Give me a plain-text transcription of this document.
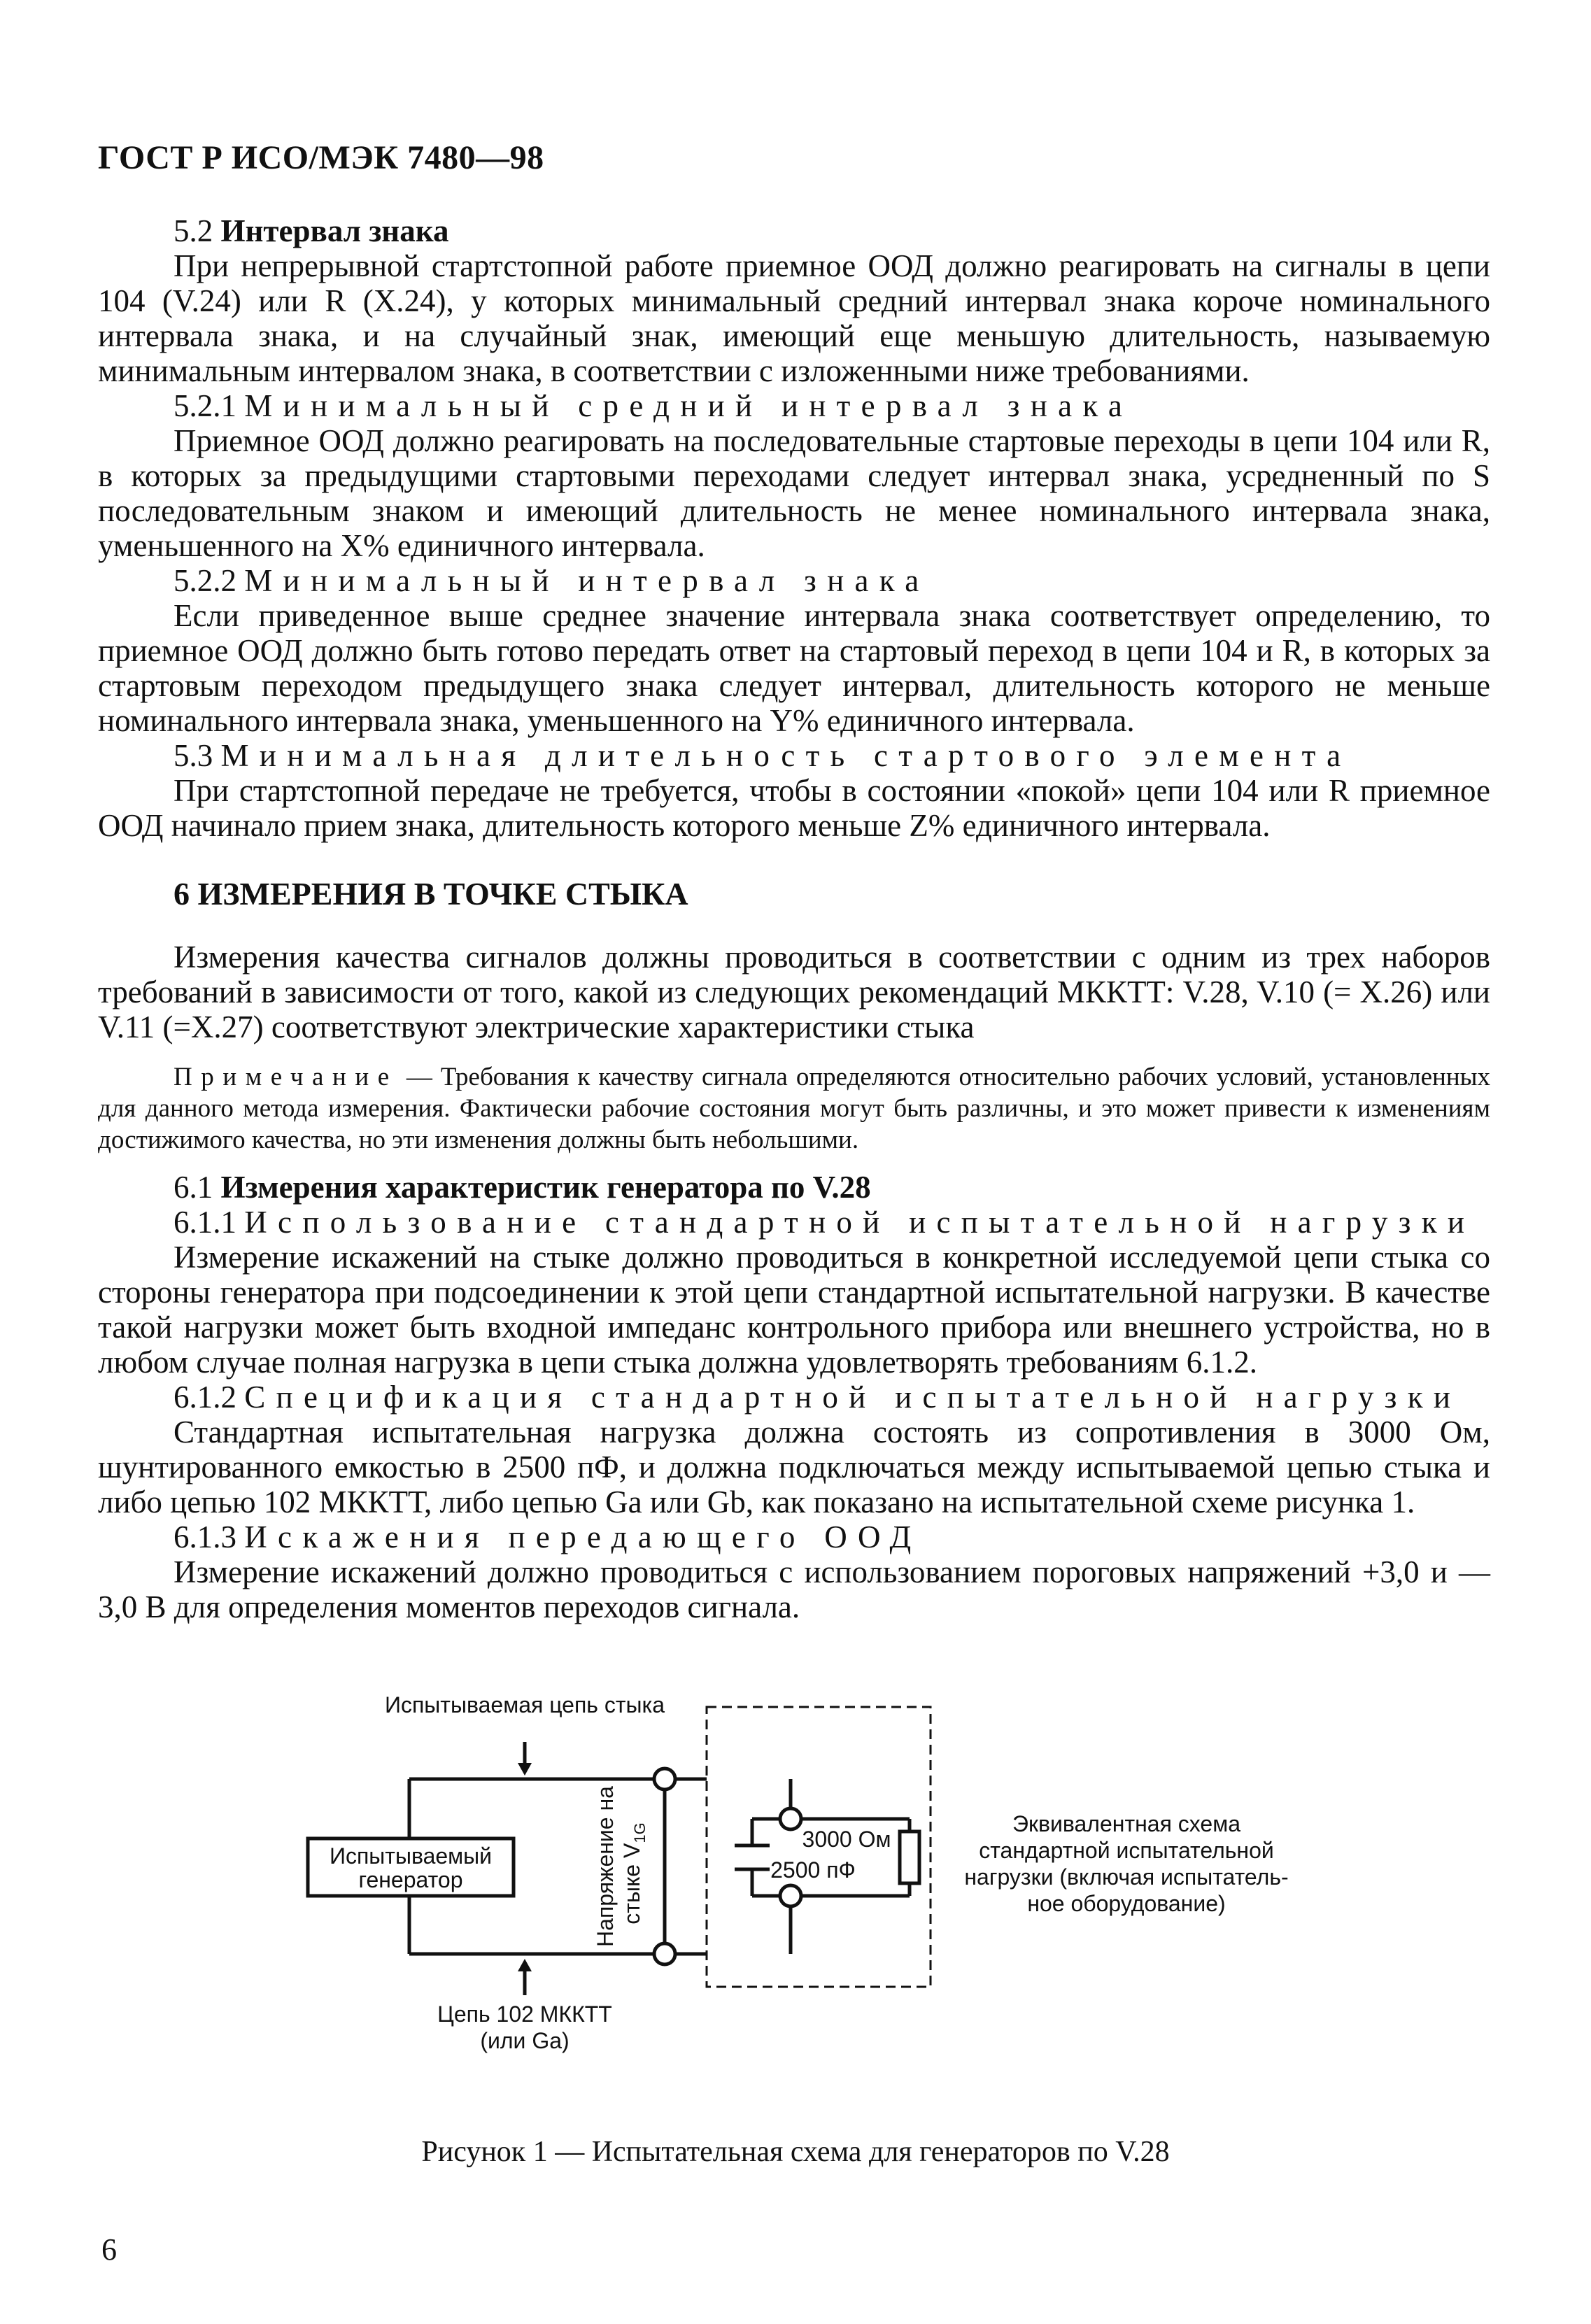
ГОСТ Р ИСО/МЭК 7480—98

5.2 Интервал знака

При непрерывной стартстопной работе приемное ООД должно реагировать на сигналы в цепи 104 (V.24) или R (X.24), у которых минимальный средний интервал знака короче номинального интервала знака, и на случайный знак, имеющий еще меньшую длительность, называемую минимальным интервалом знака, в соответствии с изложенными ниже требованиями.

5.2.1 Минимальный средний интервал знака

Приемное ООД должно реагировать на последовательные стартовые переходы в цепи 104 или R, в которых за предыдущими стартовыми переходами следует интервал знака, усредненный по S последовательным знаком и имеющий длительность не менее номинального интервала знака, уменьшенного на X% единичного интервала.

5.2.2 Минимальный интервал знака

Если приведенное выше среднее значение интервала знака соответствует определению, то приемное ООД должно быть готово передать ответ на стартовый переход в цепи 104 и R, в которых за стартовым переходом предыдущего знака следует интервал, длительность которого не меньше номинального интервала знака, уменьшенного на Y% единичного интервала.

5.3 Минимальная длительность стартового элемента

При стартстопной передаче не требуется, чтобы в состоянии «покой» цепи 104 или R приемное ООД начинало прием знака, длительность которого меньше Z% единичного интервала.

6 ИЗМЕРЕНИЯ В ТОЧКЕ СТЫКА

Измерения качества сигналов должны проводиться в соответствии с одним из трех наборов требований в зависимости от того, какой из следующих рекомендаций МККТТ: V.28, V.10 (= X.26) или V.11 (=X.27) соответствуют электрические характеристики стыка

Примечание — Требования к качеству сигнала определяются относительно рабочих условий, установленных для данного метода измерения. Фактически рабочие состояния могут быть различны, и это может привести к изменениям достижимого качества, но эти изменения должны быть небольшими.

6.1 Измерения характеристик генератора по V.28

6.1.1 Использование стандартной испытательной нагрузки

Измерение искажений на стыке должно проводиться в конкретной исследуемой цепи стыка со стороны генератора при подсоединении к этой цепи стандартной испытательной нагрузки. В качестве такой нагрузки может быть входной импеданс контрольного прибора или внешнего устройства, но в любом случае полная нагрузка в цепи стыка должна удовлетворять требованиям 6.1.2.

6.1.2 Спецификация стандартной испытательной нагрузки

Стандартная испытательная нагрузка должна состоять из сопротивления в 3000 Ом, шунтированного емкостью в 2500 пФ, и должна подключаться между испытываемой цепью стыка и либо цепью 102 МККТТ, либо цепью Ga или Gb, как показано на испытательной схеме рисунка 1.

6.1.3 Искажения передающего ООД

Измерение искажений должно проводиться с использованием пороговых напряжений +3,0 и —3,0 В для определения моментов переходов сигнала.

Испытываемый
генератор
3000 Ом
2500 пФ
Напряжение на стыке $V_{1G}$
Испытываемая цепь стыка
Цепь 102 МККТТ
(или Ga)
Эквивалентная схема
стандартной испытательной
нагрузки (включая испытатель-
ное оборудование)
Рисунок 1 — Испытательная схема для генераторов по V.28
6
